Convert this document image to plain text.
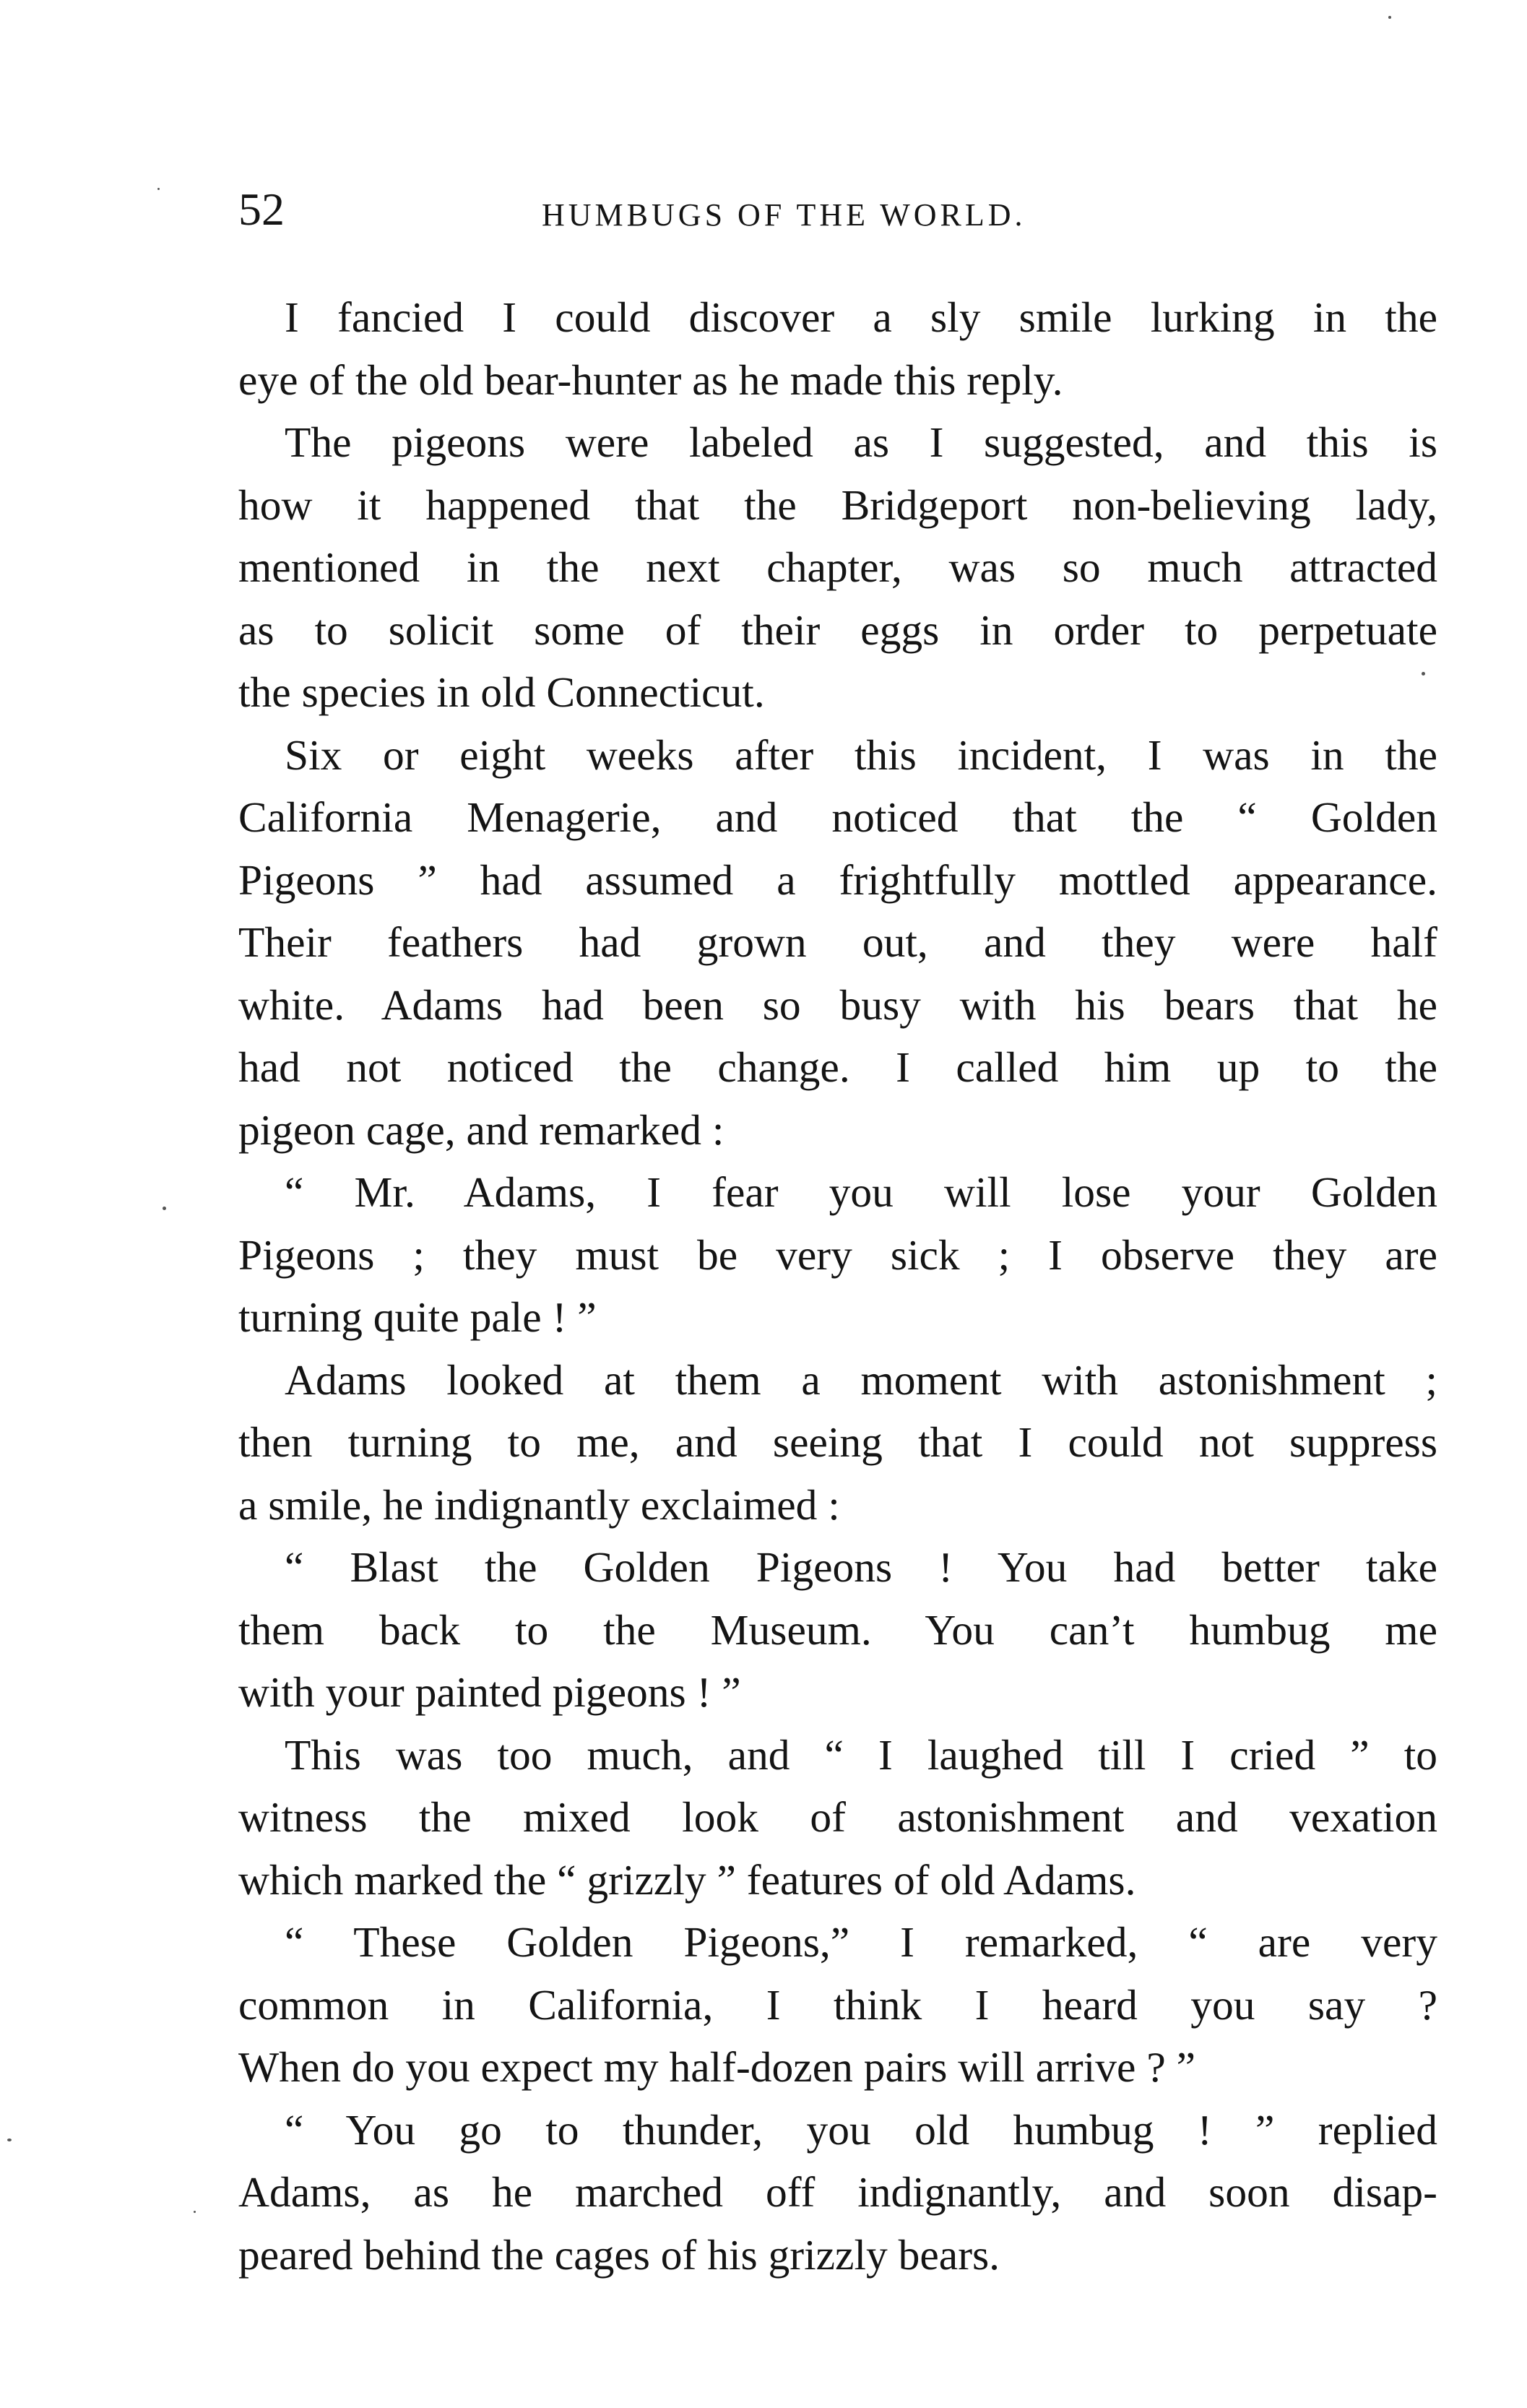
52	HUMBUGS OF THE WORLD.
I fancied I could discover a sly smile lurking in the
eye of the old bear-hunter as he made this reply.
The pigeons were labeled as I suggested, and this is
how it happened that the Bridgeport non-believing lady,
mentioned in the next chapter, was so much attracted
as to solicit some of their eggs in order to perpetuate
the species in old Connecticut.
Six or eight weeks after this incident, I was in the
California Menagerie, and noticed that the “ Golden
Pigeons ” had assumed a frightfully mottled appearance.
Their feathers had grown out, and they were half
white. Adams had been so busy with his bears that he
had not noticed the change. I called him up to the
pigeon cage, and remarked :
“ Mr. Adams, I fear you will lose your Golden
Pigeons ; they must be very sick ; I observe they are
turning quite pale ! ”
Adams looked at them a moment with astonishment ;
then turning to me, and seeing that I could not suppress
a smile, he indignantly exclaimed :
“ Blast the Golden Pigeons ! You had better take
them back to the Museum. You can’t humbug me
with your painted pigeons ! ”
This was too much, and “ I laughed till I cried ” to
witness the mixed look of astonishment and vexation
which marked the “ grizzly ” features of old Adams.
“ These Golden Pigeons,” I remarked, “ are very
common in California, I think I heard you say ?
When do you expect my half-dozen pairs will arrive ? ”
“ You go to thunder, you old humbug ! ” replied
Adams, as he marched off indignantly, and soon disap-
peared behind the cages of his grizzly bears.
